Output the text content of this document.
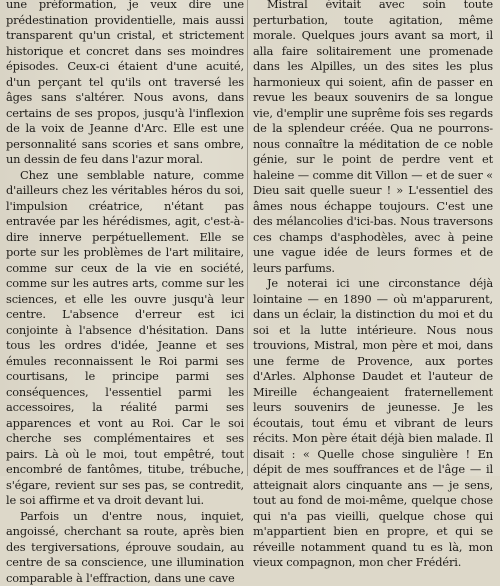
une préformation, je veux dire une prédestination providentielle, mais aussi transparent qu'un cristal, et strictement historique et concret dans ses moindres épisodes. Ceux-ci étaient d'une acuité, d'un perçant tel qu'ils ont traversé les âges sans s'altérer. Nous avons, dans certains de ses propos, jusqu'à l'inflexion de la voix de Jeanne d'Arc. Elle est une personnalité sans scories et sans ombre, un dessin de feu dans l'azur moral.

Chez une semblable nature, comme d'ailleurs chez les véritables héros du soi, l'impulsion créatrice, n'étant pas entravée par les hérédismes, agit, c'est-à-dire innerve perpétuellement. Elle se porte sur les problèmes de l'art militaire, comme sur ceux de la vie en société, comme sur les autres arts, comme sur les sciences, et elle les ouvre jusqu'à leur centre. L'absence d'erreur est ici conjointe à l'absence d'hésitation. Dans tous les ordres d'idée, Jeanne et ses émules reconnaissent le Roi parmi ses courtisans, le principe parmi ses conséquences, l'essentiel parmi les accessoires, la réalité parmi ses apparences et vont au Roi. Car le soi cherche ses complémentaires et ses pairs. Là où le moi, tout empêtré, tout encombré de fantômes, titube, trébuche, s'égare, revient sur ses pas, se contredit, le soi affirme et va droit devant lui.

Parfois un d'entre nous, inquiet, angoissé, cherchant sa route, après bien des tergiversations, éprouve soudain, au centre de sa conscience, une illumination comparable à l'effraction, dans une cave

Mistral évitait avec soin toute perturbation, toute agitation, même morale. Quelques jours avant sa mort, il alla faire solitairement une promenade dans les Alpilles, un des sites les plus harmonieux qui soient, afin de passer en revue les beaux souvenirs de sa longue vie, d'emplir une suprême fois ses regards de la splendeur créée. Qua ne pourrons-nous connaître la méditation de ce noble génie, sur le point de perdre vent et haleine — comme dit Villon — et de suer « Dieu sait quelle sueur ! » L'essentiel des âmes nous échappe toujours. C'est une des mélancolies d'ici-bas. Nous traversons ces champs d'asphodèles, avec à peine une vague idée de leurs formes et de leurs parfums.

Je noterai ici une circonstance déjà lointaine — en 1890 — où m'apparurent, dans un éclair, la distinction du moi et du soi et la lutte intérieure. Nous nous trouvions, Mistral, mon père et moi, dans une ferme de Provence, aux portes d'Arles. Alphonse Daudet et l'auteur de Mireille échangeaient fraternellement leurs souvenirs de jeunesse. Je les écoutais, tout ému et vibrant de leurs récits. Mon père était déjà bien malade. Il disait : « Quelle chose singulière ! En dépit de mes souffrances et de l'âge — il atteignait alors cinquante ans — je sens, tout au fond de moi-même, quelque chose qui n'a pas vieilli, quelque chose qui m'appartient bien en propre, et qui se réveille notamment quand tu es là, mon vieux compagnon, mon cher Frédéri.
